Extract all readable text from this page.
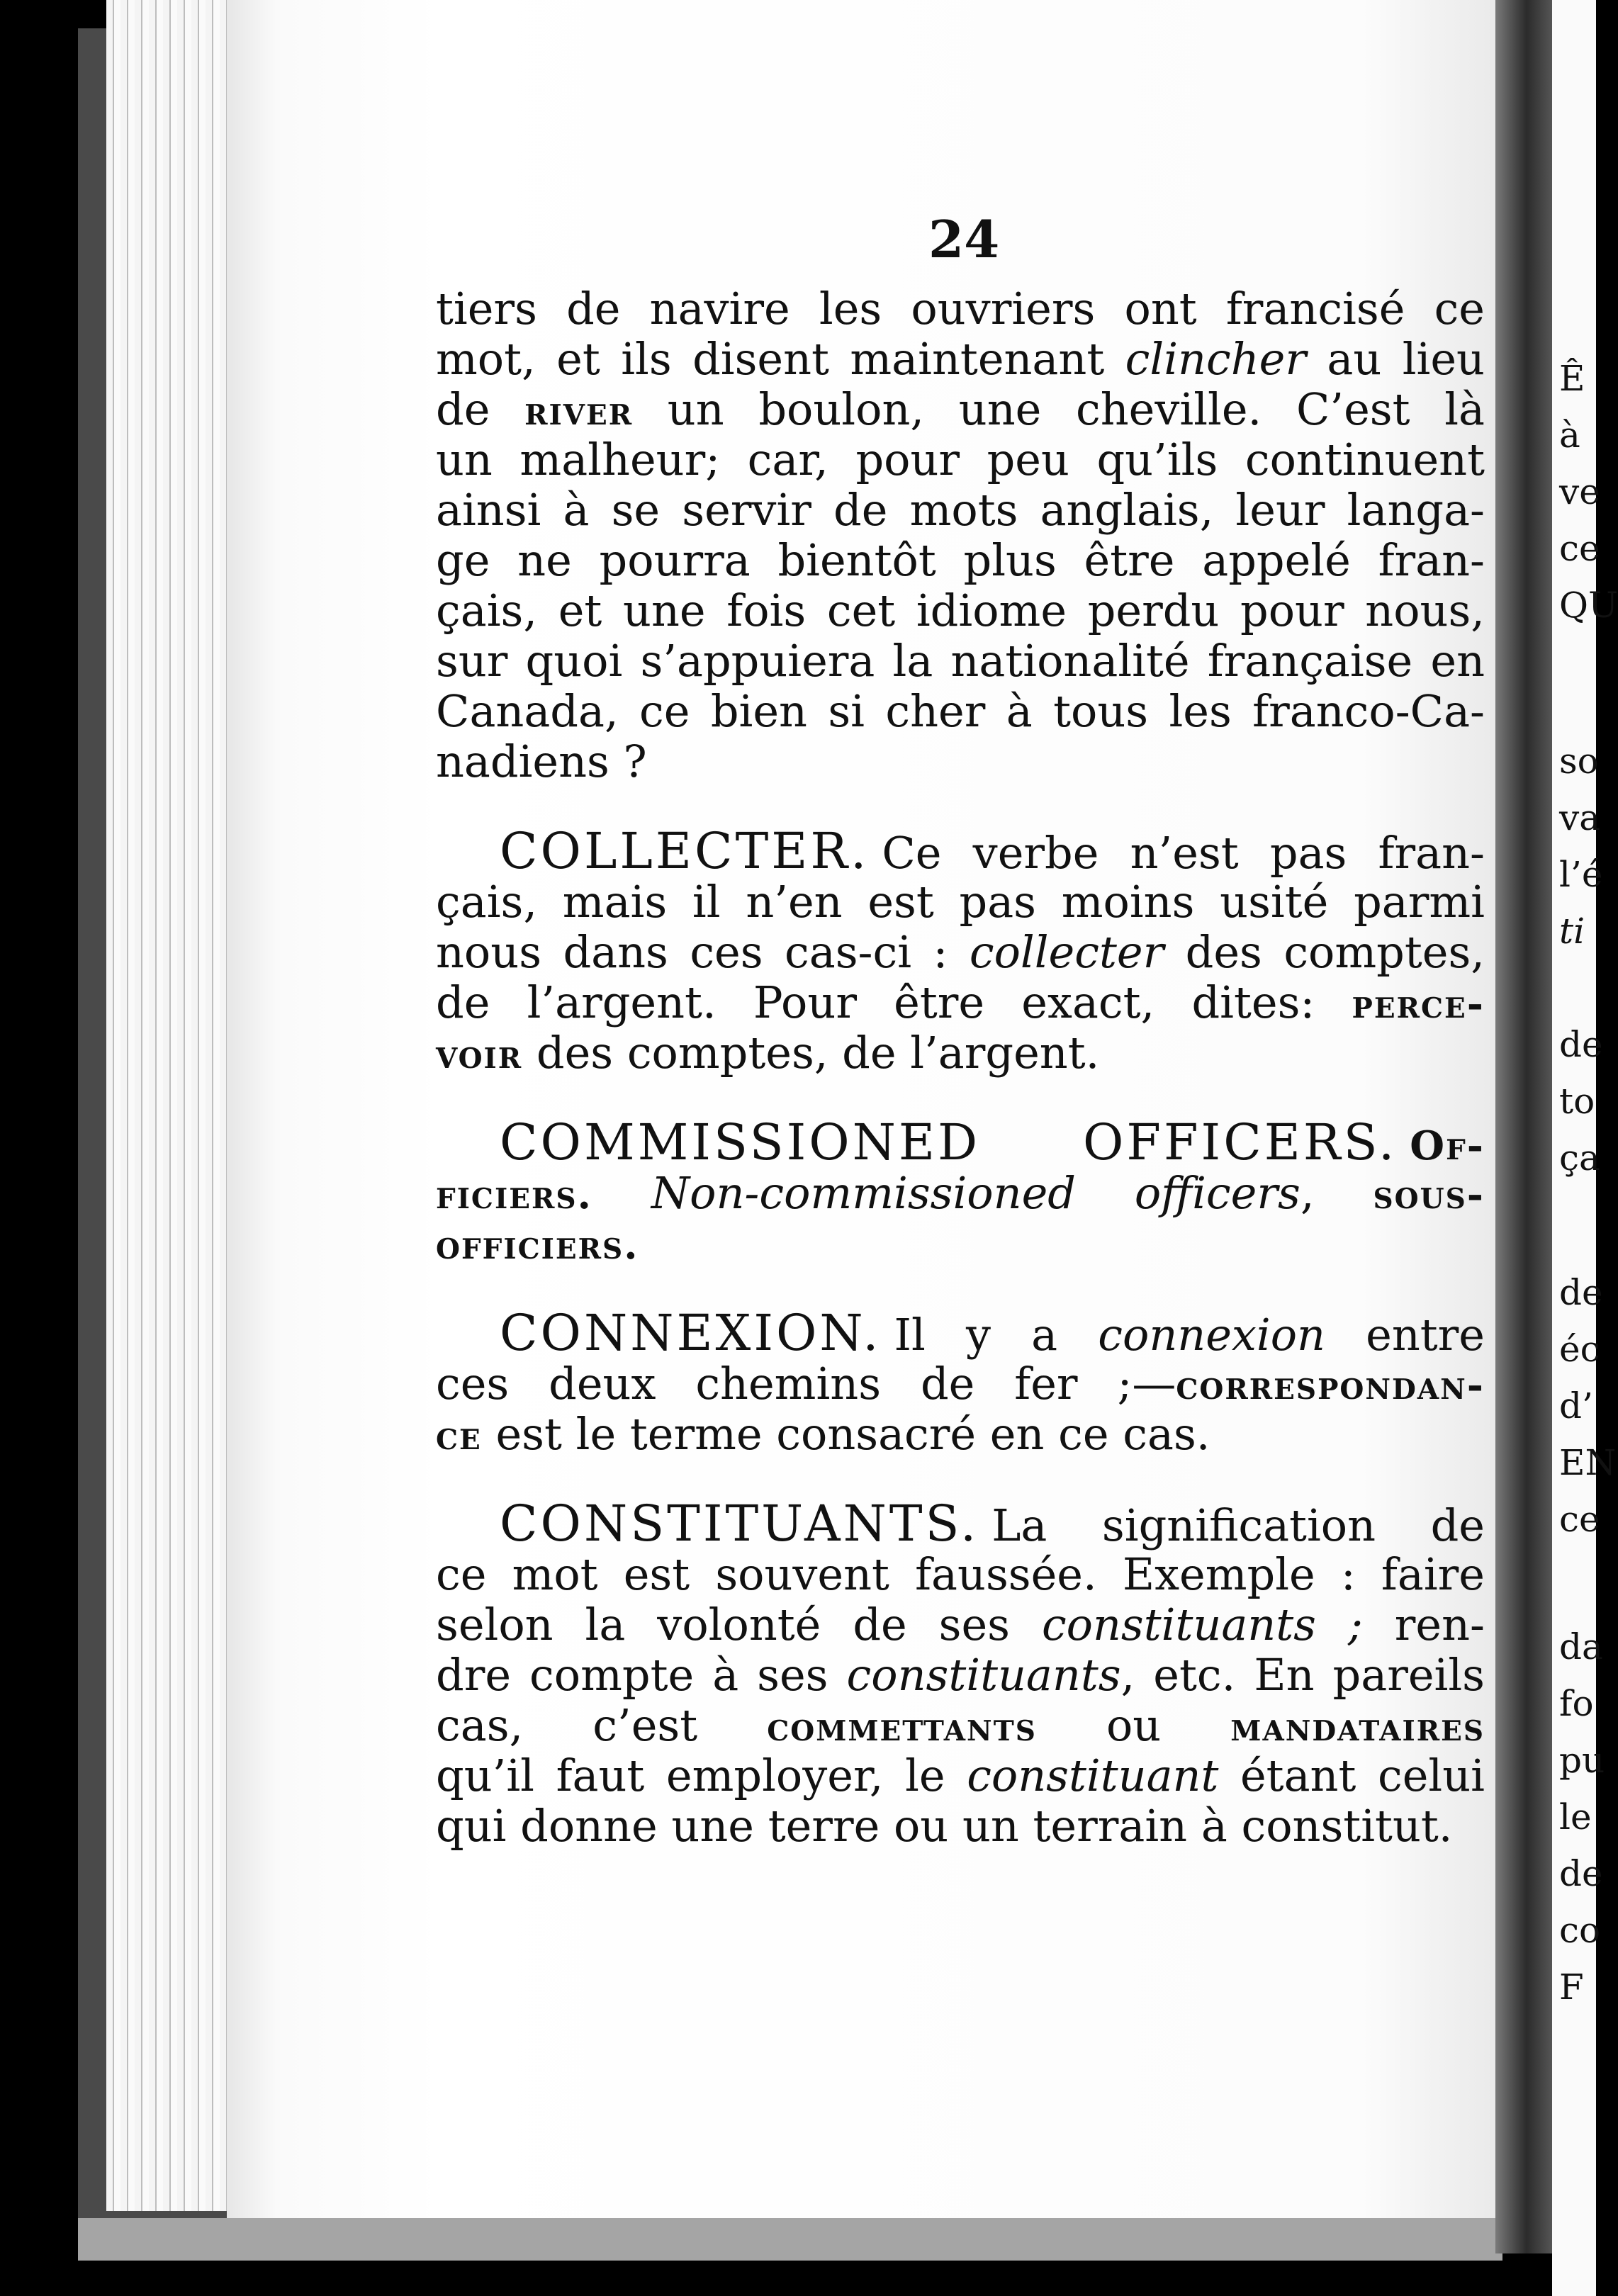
Ê
à
ve
ce
QU
so
va
l’é
ti
de
to
ça
de
éc
d’
EN
ce
da
fo
pu
le
de
co
F
24
tiers de navire les ouvriers ont francisé ce
mot, et ils disent maintenant clincher au lieu
de river un boulon, une cheville. C’est là
un malheur; car, pour peu qu’ils continuent
ainsi à se servir de mots anglais, leur langa-
ge ne pourra bientôt plus être appelé fran-
çais, et une fois cet idiome perdu pour nous,
sur quoi s’appuiera la nationalité française en
Canada, ce bien si cher à tous les franco-Ca-
nadiens ?
COLLECTER. Ce verbe n’est pas fran-
çais, mais il n’en est pas moins usité parmi
nous dans ces cas-ci : collecter des comptes,
de l’argent. Pour être exact, dites: perce-
voir des comptes, de l’argent.
COMMISSIONED OFFICERS. Of-
ficiers. Non-commissioned officers, sous-
officiers.
CONNEXION. Il y a connexion entre
ces deux chemins de fer ;—correspondan-
ce est le terme consacré en ce cas.
CONSTITUANTS. La signification de
ce mot est souvent faussée. Exemple : faire
selon la volonté de ses constituants ; ren-
dre compte à ses constituants, etc. En pareils
cas, c’est commettants ou mandataires
qu’il faut employer, le constituant étant celui
qui donne une terre ou un terrain à constitut.
